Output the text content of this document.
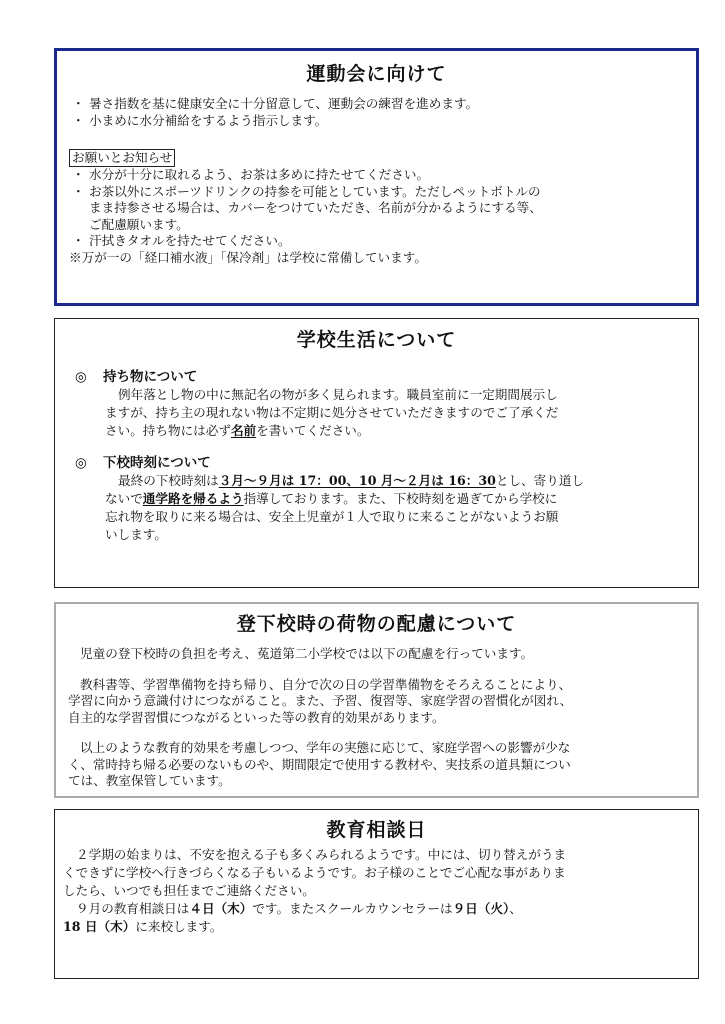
運動会に向けて
・ 暑さ指数を基に健康安全に十分留意して、運動会の練習を進めます。
・ 小まめに水分補給をするよう指示します。
お願いとお知らせ
・ 水分が十分に取れるよう、お茶は多めに持たせてください。
・ お茶以外にスポーツドリンクの持参を可能としています。ただしペットボトルの
まま持参させる場合は、カバーをつけていただき、名前が分かるようにする等、
ご配慮願います。
・ 汗拭きタオルを持たせてください。
※万が一の「経口補水液」「保冷剤」は学校に常備しています。
学校生活について
◎ 持ち物について
例年落とし物の中に無記名の物が多く見られます。職員室前に一定期間展示し
ますが、持ち主の現れない物は不定期に処分させていただきますのでご了承くだ
さい。持ち物には必ず名前を書いてください。
◎ 下校時刻について
最終の下校時刻は３月～９月は 17：00、10 月～２月は 16：30とし、寄り道し
ないで通学路を帰るよう指導しております。また、下校時刻を過ぎてから学校に
忘れ物を取りに来る場合は、安全上児童が１人で取りに来ることがないようお願
いします。
登下校時の荷物の配慮について
児童の登下校時の負担を考え、菟道第二小学校では以下の配慮を行っています。
教科書等、学習準備物を持ち帰り、自分で次の日の学習準備物をそろえることにより、
学習に向かう意識付けにつながること。また、予習、復習等、家庭学習の習慣化が図れ、
自主的な学習習慣につながるといった等の教育的効果があります。
以上のような教育的効果を考慮しつつ、学年の実態に応じて、家庭学習への影響が少な
く、常時持ち帰る必要のないものや、期間限定で使用する教材や、実技系の道具類につい
ては、教室保管しています。
教育相談日
２学期の始まりは、不安を抱える子も多くみられるようです。中には、切り替えがうま
くできずに学校へ行きづらくなる子もいるようです。お子様のことでご心配な事がありま
したら、いつでも担任までご連絡ください。
９月の教育相談日は４日（木）です。またスクールカウンセラーは９日（火）、
18 日（木）に来校します。
